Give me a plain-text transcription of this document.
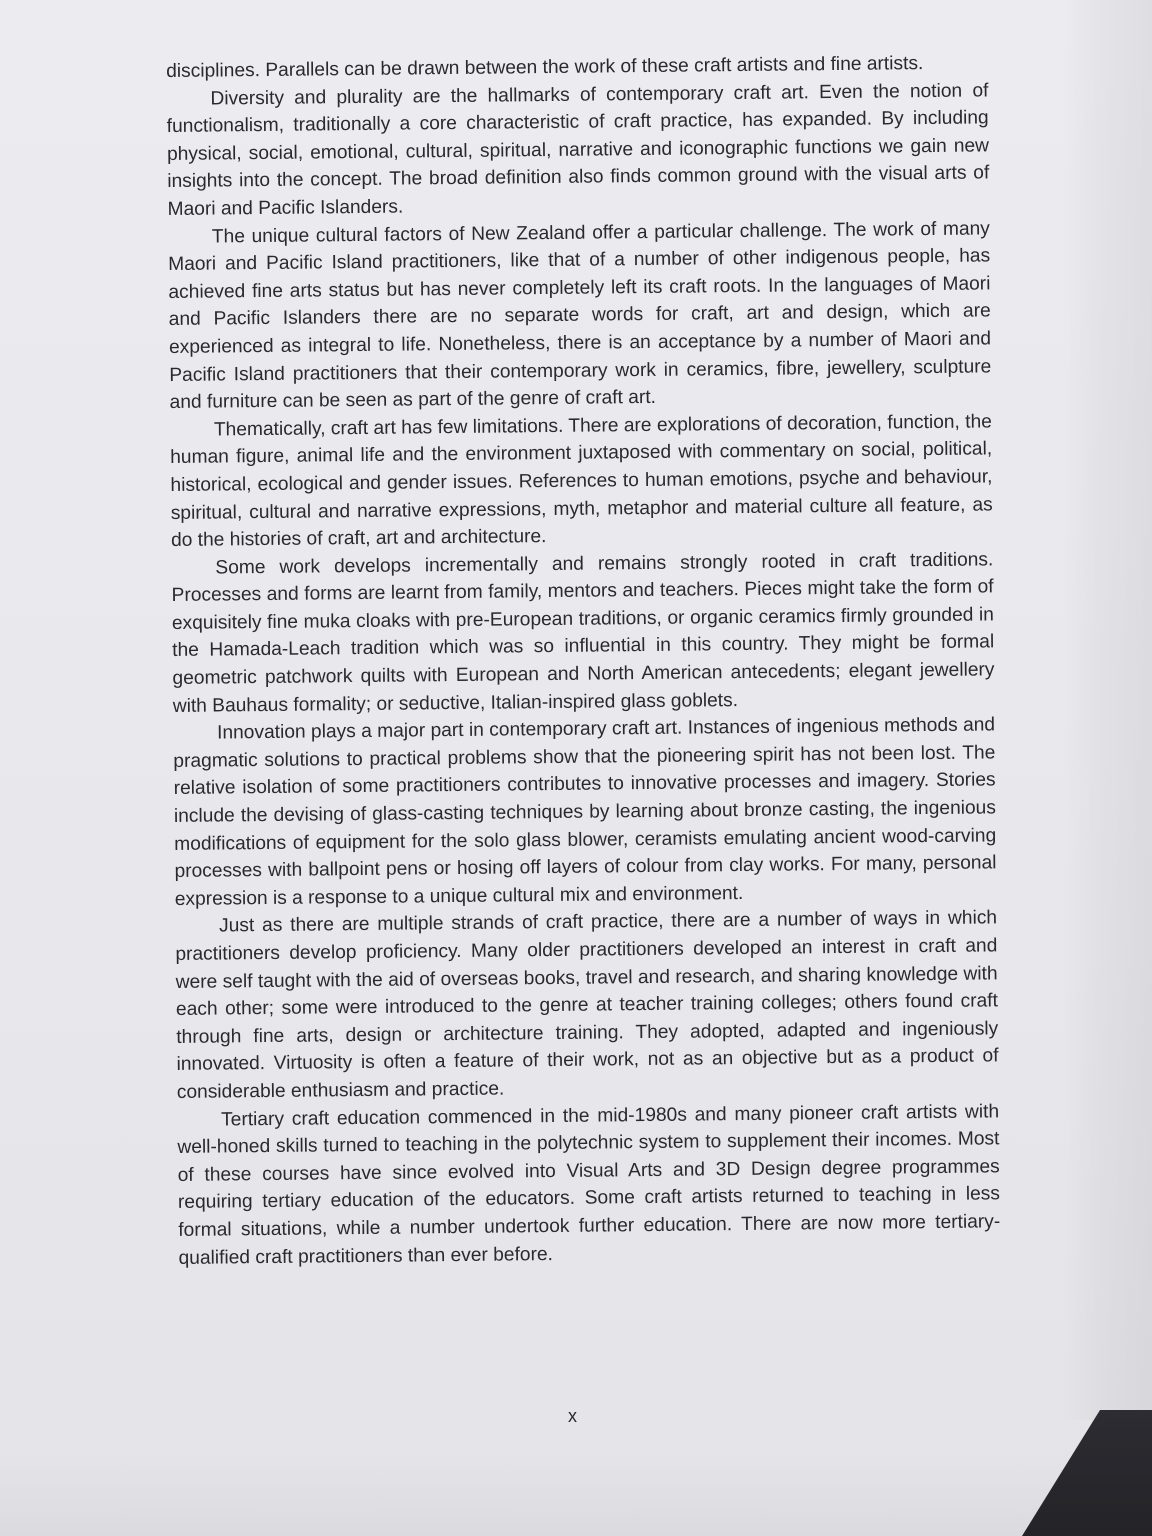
disciplines. Parallels can be drawn between the work of these craft artists and fine artists.

Diversity and plurality are the hallmarks of contemporary craft art. Even the notion of functionalism, traditionally a core characteristic of craft practice, has expanded. By including physical, social, emotional, cultural, spiritual, narrative and iconographic functions we gain new insights into the concept. The broad definition also finds common ground with the visual arts of Maori and Pacific Islanders.

The unique cultural factors of New Zealand offer a particular challenge. The work of many Maori and Pacific Island practitioners, like that of a number of other indigenous people, has achieved fine arts status but has never completely left its craft roots. In the languages of Maori and Pacific Islanders there are no separate words for craft, art and design, which are experienced as integral to life. Nonetheless, there is an acceptance by a number of Maori and Pacific Island practitioners that their contemporary work in ceramics, fibre, jewellery, sculpture and furniture can be seen as part of the genre of craft art.

Thematically, craft art has few limitations. There are explorations of decoration, function, the human figure, animal life and the environment juxtaposed with commentary on social, political, historical, ecological and gender issues. References to human emotions, psyche and behaviour, spiritual, cultural and narrative expressions, myth, metaphor and material culture all feature, as do the histories of craft, art and architecture.

Some work develops incrementally and remains strongly rooted in craft traditions. Processes and forms are learnt from family, mentors and teachers. Pieces might take the form of exquisitely fine muka cloaks with pre-European traditions, or organic ceramics firmly grounded in the Hamada-Leach tradition which was so influential in this country. They might be formal geometric patchwork quilts with European and North American antecedents; elegant jewellery with Bauhaus formality; or seductive, Italian-inspired glass goblets.

Innovation plays a major part in contemporary craft art. Instances of ingenious methods and pragmatic solutions to practical problems show that the pioneering spirit has not been lost. The relative isolation of some practitioners contributes to innovative processes and imagery. Stories include the devising of glass-casting techniques by learning about bronze casting, the ingenious modifications of equipment for the solo glass blower, ceramists emulating ancient wood-carving processes with ballpoint pens or hosing off layers of colour from clay works. For many, personal expression is a response to a unique cultural mix and environment.

Just as there are multiple strands of craft practice, there are a number of ways in which practitioners develop proficiency. Many older practitioners developed an interest in craft and were self taught with the aid of overseas books, travel and research, and sharing knowledge with each other; some were introduced to the genre at teacher training colleges; others found craft through fine arts, design or architecture training. They adopted, adapted and ingeniously innovated. Virtuosity is often a feature of their work, not as an objective but as a product of considerable enthusiasm and practice.

Tertiary craft education commenced in the mid-1980s and many pioneer craft artists with well-honed skills turned to teaching in the polytechnic system to supplement their incomes. Most of these courses have since evolved into Visual Arts and 3D Design degree programmes requiring tertiary education of the educators. Some craft artists returned to teaching in less formal situations, while a number undertook further education. There are now more tertiary-qualified craft practitioners than ever before.

x
